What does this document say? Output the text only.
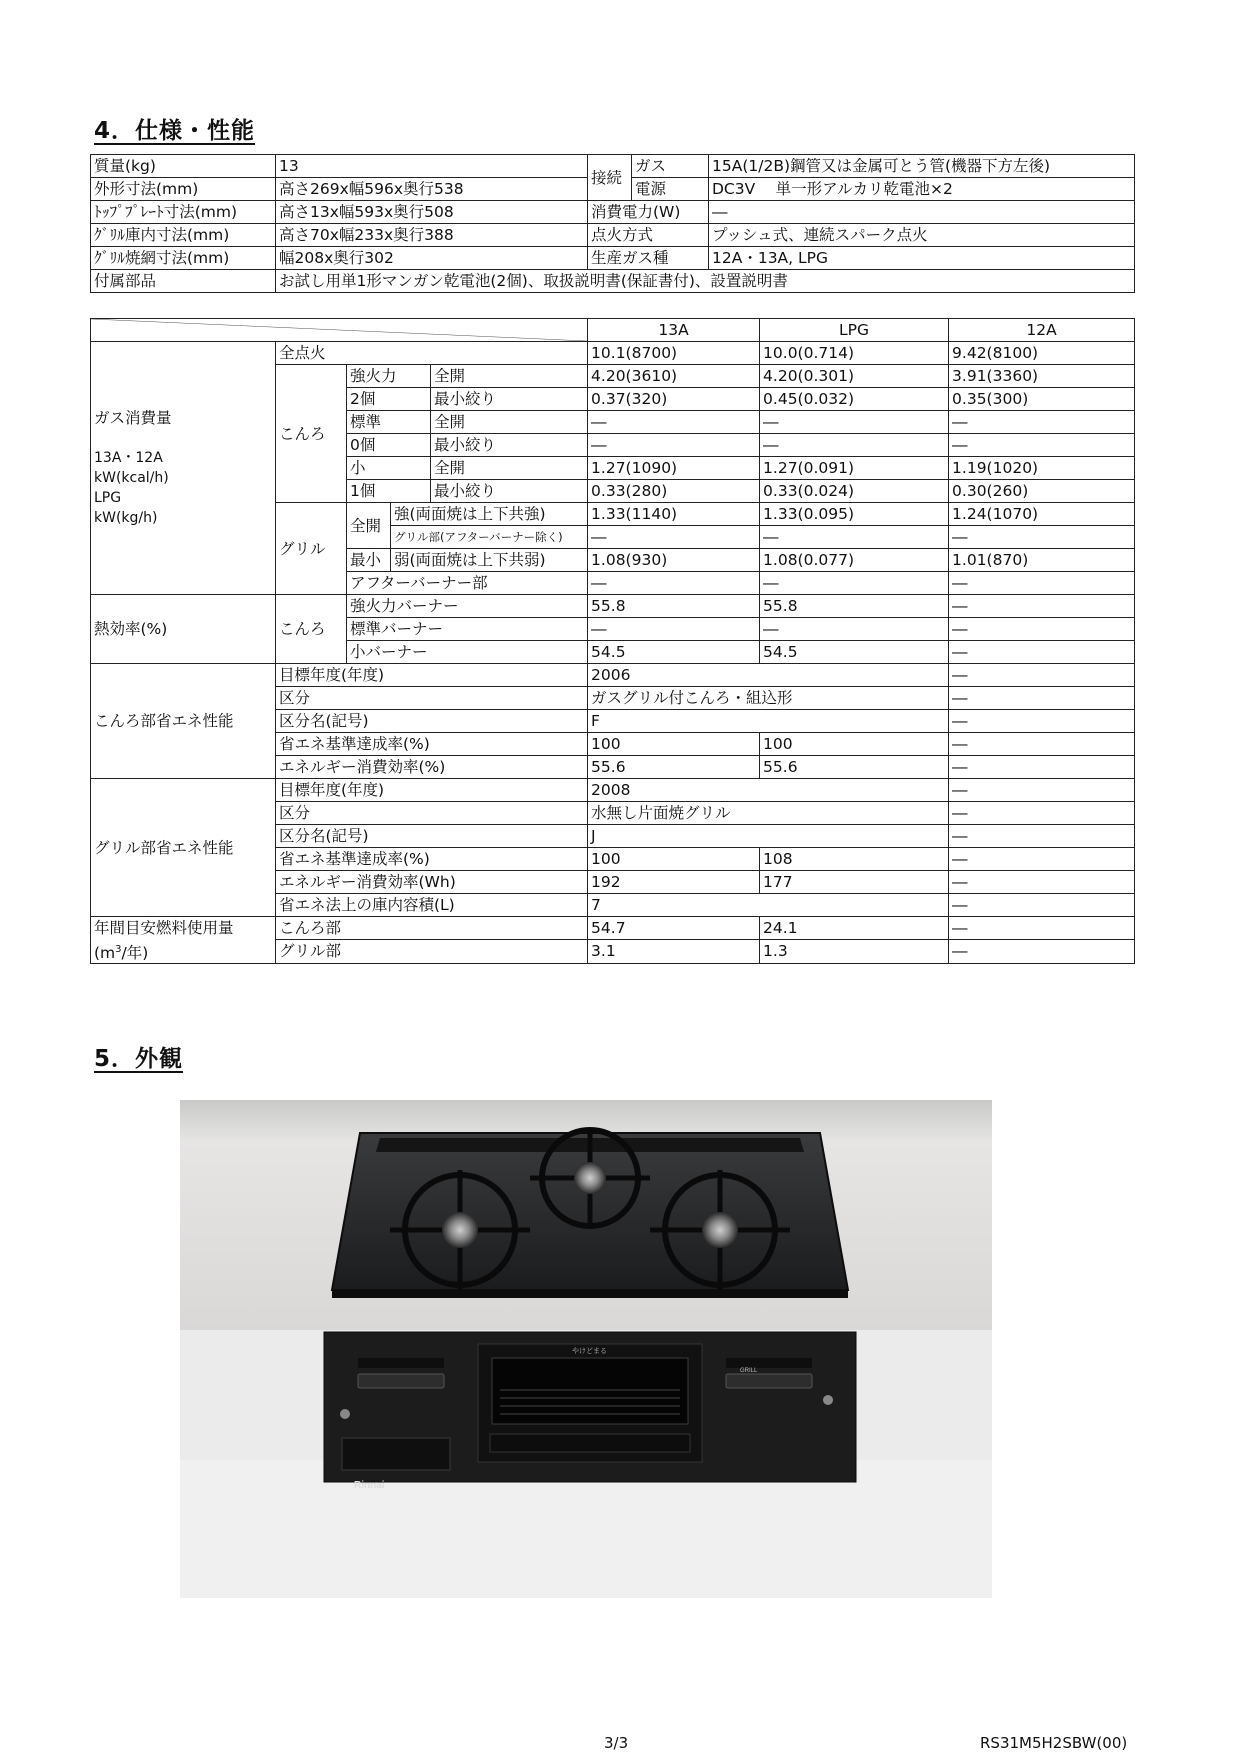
4．仕様・性能
質量(kg)	13	接続	ガス	15A(1/2B)鋼管又は金属可とう管(機器下方左後)
外形寸法(mm)	高さ269x幅596x奥行538		電源	DC3V　 単一形アルカリ乾電池×2
ﾄｯﾌﾟﾌﾟﾚｰﾄ寸法(mm)	高さ13x幅593x奥行508	消費電力(W)		―
ｸﾞﾘﾙ庫内寸法(mm)	高さ70x幅233x奥行388	点火方式		プッシュ式、連続スパーク点火
ｸﾞﾘﾙ焼網寸法(mm)	幅208x奥行302	生産ガス種		12A・13A, LPG
付属部品	お試し用単1形マンガン乾電池(2個)、取扱説明書(保証書付)、設置説明書			
	13A	LPG	12A

ガス消費量
13A・12A
kW(kcal/h)
LPG
kW(kg/h)	全点火				10.1(8700)	10.0(0.714)	9.42(8100)
	こんろ	強火力		全開	4.20(3610)	4.20(0.301)	3.91(3360)
		2個		最小絞り	0.37(320)	0.45(0.032)	0.35(300)
		標準		全開	―	―	―
		0個		最小絞り	―	―	―
		小		全開	1.27(1090)	1.27(0.091)	1.19(1020)
		1個		最小絞り	0.33(280)	0.33(0.024)	0.30(260)
	グリル	全開	強(両面焼は上下共強)		1.33(1140)	1.33(0.095)	1.24(1070)
			グリル部(アフターバーナー除く)		―	―	―
		最小	弱(両面焼は上下共弱)		1.08(930)	1.08(0.077)	1.01(870)
		アフターバーナー部			―	―	―
熱効率(%)	こんろ	強火力バーナー			55.8	55.8	―
		標準バーナー			―	―	―
		小バーナー			54.5	54.5	―
こんろ部省エネ性能	目標年度(年度)				2006		―
	区分				ガスグリル付こんろ・組込形		―
	区分名(記号)				F		―
	省エネ基準達成率(%)				100	100	―
	エネルギー消費効率(%)				55.6	55.6	―
グリル部省エネ性能	目標年度(年度)				2008		―
	区分				水無し片面焼グリル		―
	区分名(記号)				J		―
	省エネ基準達成率(%)				100	108	―
	エネルギー消費効率(Wh)				192	177	―
	省エネ法上の庫内容積(L)				7		―
年間目安燃料使用量	こんろ部				54.7	24.1	―
($m^3/$年)	グリル部				3.1	1.3	―
5．外観
Rinnai
やけどまる
GRILL
3/3	RS31M5H2SBW(00)
